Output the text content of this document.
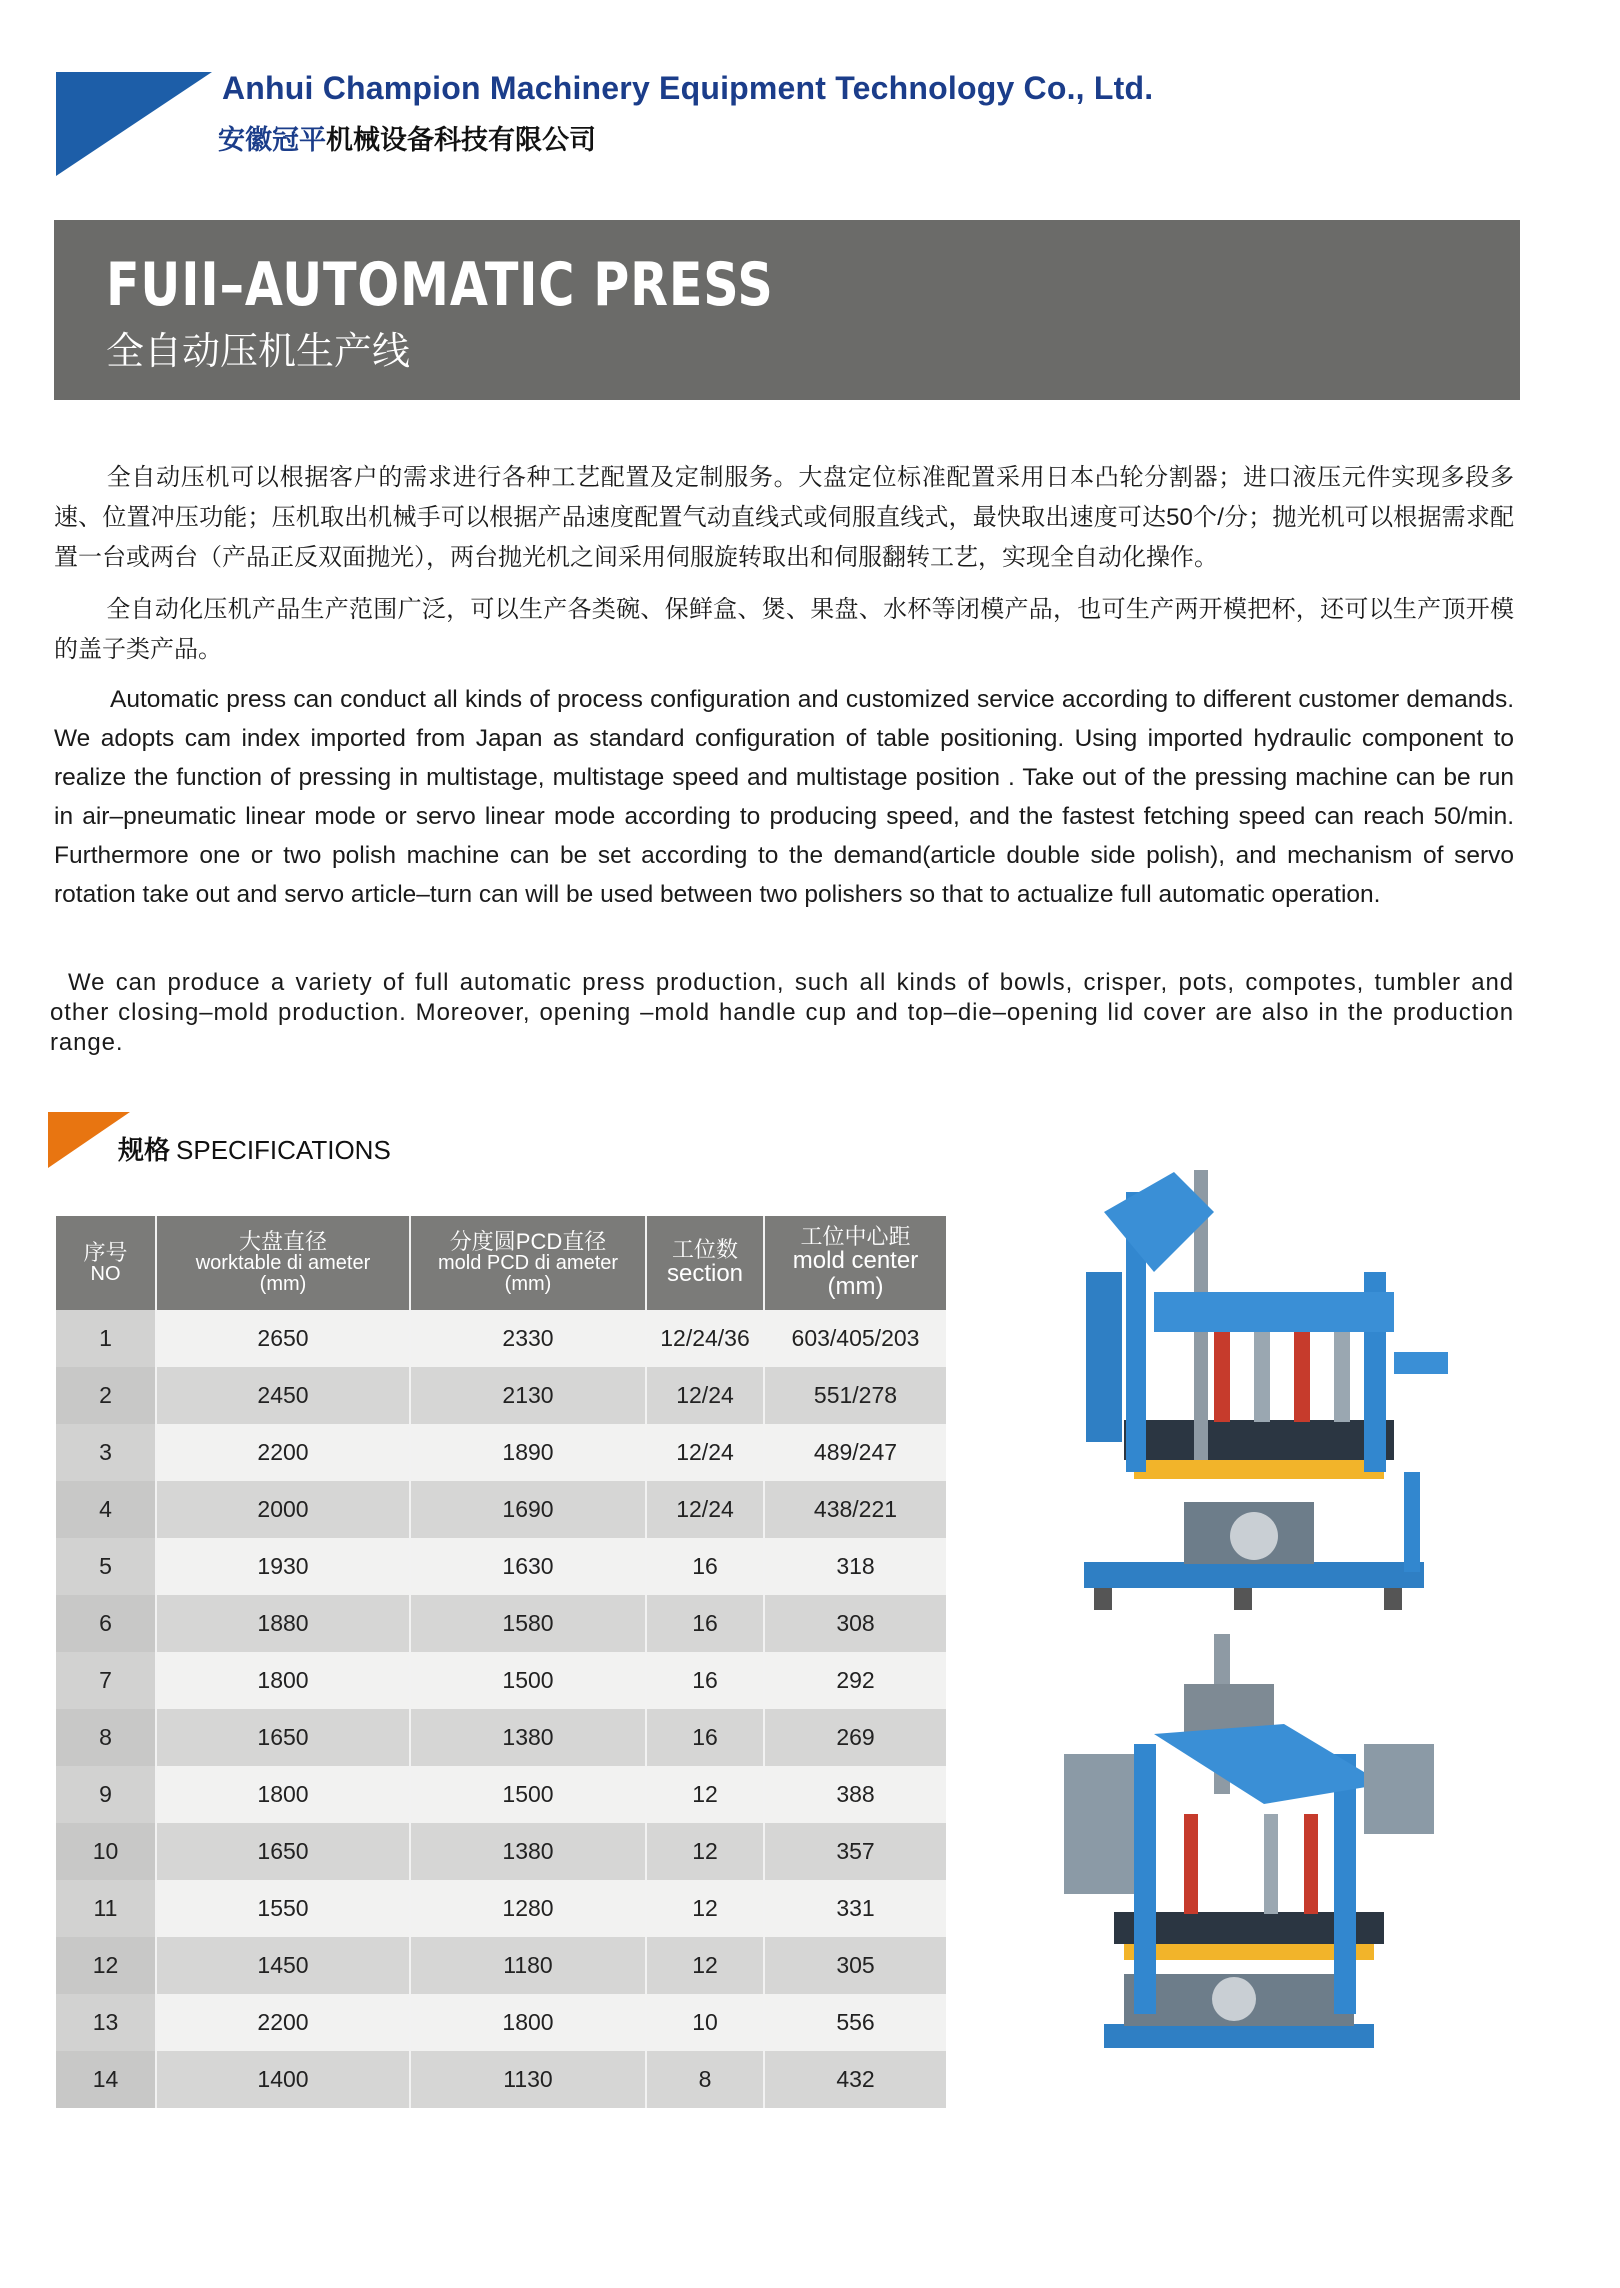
Anhui Champion Machinery Equipment Technology Co., Ltd.
安徽冠平机械设备科技有限公司
FUII–AUTOMATIC PRESS
全自动压机生产线
全自动压机可以根据客户的需求进行各种工艺配置及定制服务。大盘定位标准配置采用日本凸轮分割器；进口液压元件实现多段多速、位置冲压功能；压机取出机械手可以根据产品速度配置气动直线式或伺服直线式，最快取出速度可达50个/分；抛光机可以根据需求配置一台或两台（产品正反双面抛光），两台抛光机之间采用伺服旋转取出和伺服翻转工艺，实现全自动化操作。
全自动化压机产品生产范围广泛，可以生产各类碗、保鲜盒、煲、果盘、水杯等闭模产品，也可生产两开模把杯，还可以生产顶开模的盖子类产品。
Automatic press can conduct all kinds of process configuration and customized service according to different customer demands. We adopts cam index imported from Japan as standard configuration of table positioning. Using imported hydraulic component to realize the function of pressing in multistage, multistage speed and multistage position . Take out of the pressing machine can be run in air–pneumatic linear mode or servo linear mode according to producing speed, and the fastest fetching speed can reach 50/min. Furthermore one or two polish machine can be set according to the demand(article double side polish), and mechanism of servo rotation take out and servo article–turn can will be used between two polishers so that to actualize full automatic operation.
We can produce a variety of full automatic press production, such all kinds of bowls, crisper, pots, compotes, tumbler and other closing–mold production. Moreover, opening –mold handle cup and top–die–opening lid cover are also in the production range.
规格 SPECIFICATIONS
序号
NO	大盘直径
worktable di ameter
(mm)	分度圆PCD直径
mold PCD di ameter
(mm)	工位数
section	工位中心距
mold center
(mm)

1	2650	2330	12/24/36	603/405/203
2	2450	2130	12/24	551/278
3	2200	1890	12/24	489/247
4	2000	1690	12/24	438/221
5	1930	1630	16	318
6	1880	1580	16	308
7	1800	1500	16	292
8	1650	1380	16	269
9	1800	1500	12	388
10	1650	1380	12	357
11	1550	1280	12	331
12	1450	1180	12	305
13	2200	1800	10	556
14	1400	1130	8	432
